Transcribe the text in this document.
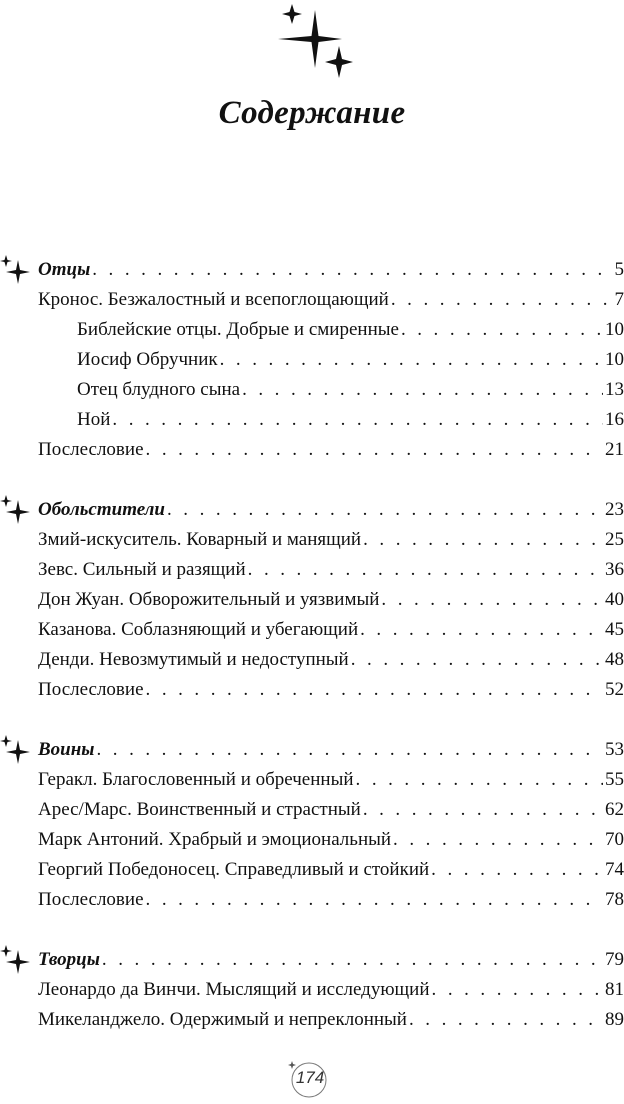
Содержание
Отцы . . .	5
Кронос. Безжалостный и всепоглощающий . . .	7
Библейские отцы. Добрые и смиренные . . .	10
Иосиф Обручник . . .	10
Отец блудного сына . . .	13
Ной . . .	16
Послесловие . . .	21
Обольстители . . .	23
Змий-искуситель. Коварный и манящий . . .	25
Зевс. Сильный и разящий . . .	36
Дон Жуан. Обворожительный и уязвимый . . .	40
Казанова. Соблазняющий и убегающий . . .	45
Денди. Невозмутимый и недоступный . . .	48
Послесловие . . .	52
Воины . . .	53
Геракл. Благословенный и обреченный . . .	55
Арес/Марс. Воинственный и страстный . . .	62
Марк Антоний. Храбрый и эмоциональный . . .	70
Георгий Победоносец. Справедливый и стойкий . . .	74
Послесловие . . .	78
Творцы . . .	79
Леонардо да Винчи. Мыслящий и исследующий . . .	81
Микеланджело. Одержимый и непреклонный . . .	89
174
